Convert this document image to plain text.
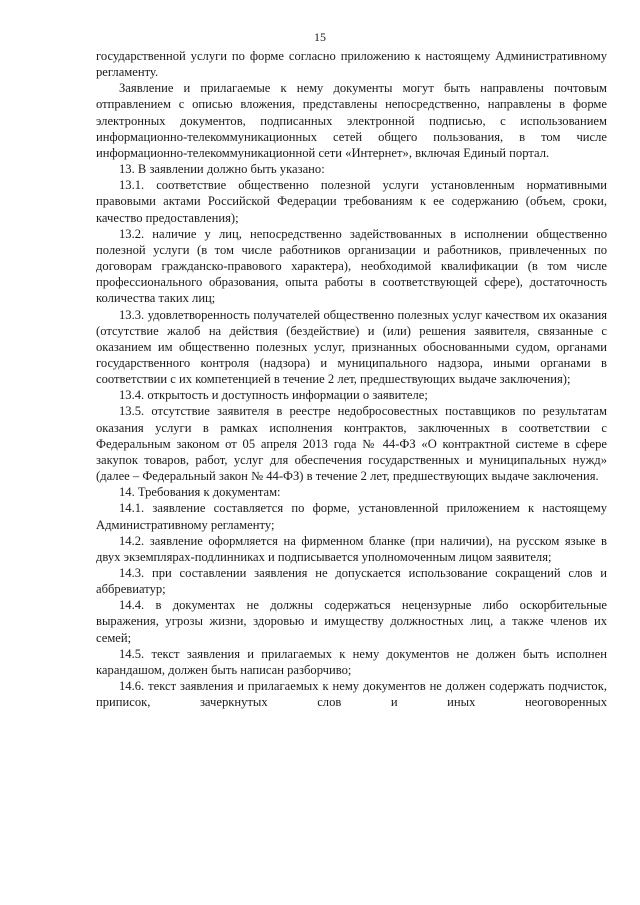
15

государственной услуги по форме согласно приложению к настоящему Административному регламенту.

Заявление и прилагаемые к нему документы могут быть направлены почтовым отправлением с описью вложения, представлены непосредственно, направлены в форме электронных документов, подписанных электронной подписью, с использованием информационно-телекоммуникационных сетей общего пользования, в том числе информационно-телекоммуникационной сети «Интернет», включая Единый портал.

13. В заявлении должно быть указано:

13.1. соответствие общественно полезной услуги установленным нормативными правовыми актами Российской Федерации требованиям к ее содержанию (объем, сроки, качество предоставления);

13.2. наличие у лиц, непосредственно задействованных в исполнении общественно полезной услуги (в том числе работников организации и работников, привлеченных по договорам гражданско-правового характера), необходимой квалификации (в том числе профессионального образования, опыта работы в соответствующей сфере), достаточность количества таких лиц;

13.3. удовлетворенность получателей общественно полезных услуг качеством их оказания (отсутствие жалоб на действия (бездействие) и (или) решения заявителя, связанные с оказанием им общественно полезных услуг, признанных обоснованными судом, органами государственного контроля (надзора) и муниципального надзора, иными органами в соответствии с их компетенцией в течение 2 лет, предшествующих выдаче заключения);

13.4. открытость и доступность информации о заявителе;

13.5. отсутствие заявителя в реестре недобросовестных поставщиков по результатам оказания услуги в рамках исполнения контрактов, заключенных в соответствии с Федеральным законом от 05 апреля 2013 года № 44-ФЗ «О контрактной системе в сфере закупок товаров, работ, услуг для обеспечения государственных и муниципальных нужд» (далее – Федеральный закон № 44-ФЗ) в течение 2 лет, предшествующих выдаче заключения.

14. Требования к документам:

14.1. заявление составляется по форме, установленной приложением к настоящему Административному регламенту;

14.2. заявление оформляется на фирменном бланке (при наличии), на русском языке в двух экземплярах-подлинниках и подписывается уполномоченным лицом заявителя;

14.3. при составлении заявления не допускается использование сокращений слов и аббревиатур;

14.4. в документах не должны содержаться нецензурные либо оскорбительные выражения, угрозы жизни, здоровью и имуществу должностных лиц, а также членов их семей;

14.5. текст заявления и прилагаемых к нему документов не должен быть исполнен карандашом, должен быть написан разборчиво;

14.6. текст заявления и прилагаемых к нему документов не должен содержать подчисток, приписок, зачеркнутых слов и иных неоговоренных
